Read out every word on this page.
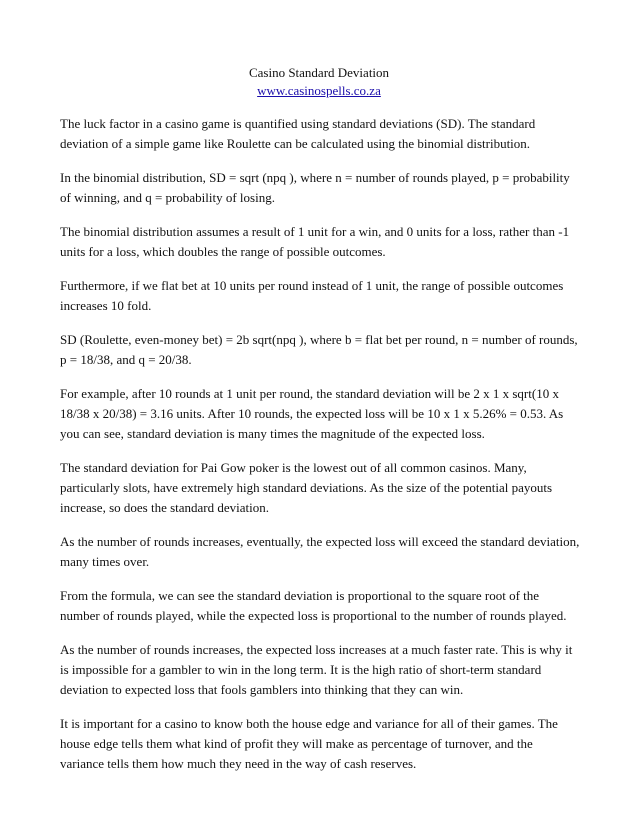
Casino Standard Deviation
www.casinospells.co.za

The luck factor in a casino game is quantified using standard deviations (SD). The standard deviation of a simple game like Roulette can be calculated using the binomial distribution.

In the binomial distribution, SD = sqrt (npq ), where n = number of rounds played, p = probability of winning, and q = probability of losing.

The binomial distribution assumes a result of 1 unit for a win, and 0 units for a loss, rather than -1 units for a loss, which doubles the range of possible outcomes.

Furthermore, if we flat bet at 10 units per round instead of 1 unit, the range of possible outcomes increases 10 fold.

SD (Roulette, even-money bet) = 2b sqrt(npq ), where b = flat bet per round, n = number of rounds, p = 18/38, and q = 20/38.

For example, after 10 rounds at 1 unit per round, the standard deviation will be 2 x 1 x sqrt(10 x 18/38 x 20/38) = 3.16 units. After 10 rounds, the expected loss will be 10 x 1 x 5.26% = 0.53. As you can see, standard deviation is many times the magnitude of the expected loss.

The standard deviation for Pai Gow poker is the lowest out of all common casinos. Many, particularly slots, have extremely high standard deviations. As the size of the potential payouts increase, so does the standard deviation.

As the number of rounds increases, eventually, the expected loss will exceed the standard deviation, many times over.

From the formula, we can see the standard deviation is proportional to the square root of the number of rounds played, while the expected loss is proportional to the number of rounds played.

As the number of rounds increases, the expected loss increases at a much faster rate. This is why it is impossible for a gambler to win in the long term. It is the high ratio of short-term standard deviation to expected loss that fools gamblers into thinking that they can win.

It is important for a casino to know both the house edge and variance for all of their games. The house edge tells them what kind of profit they will make as percentage of turnover, and the variance tells them how much they need in the way of cash reserves.
